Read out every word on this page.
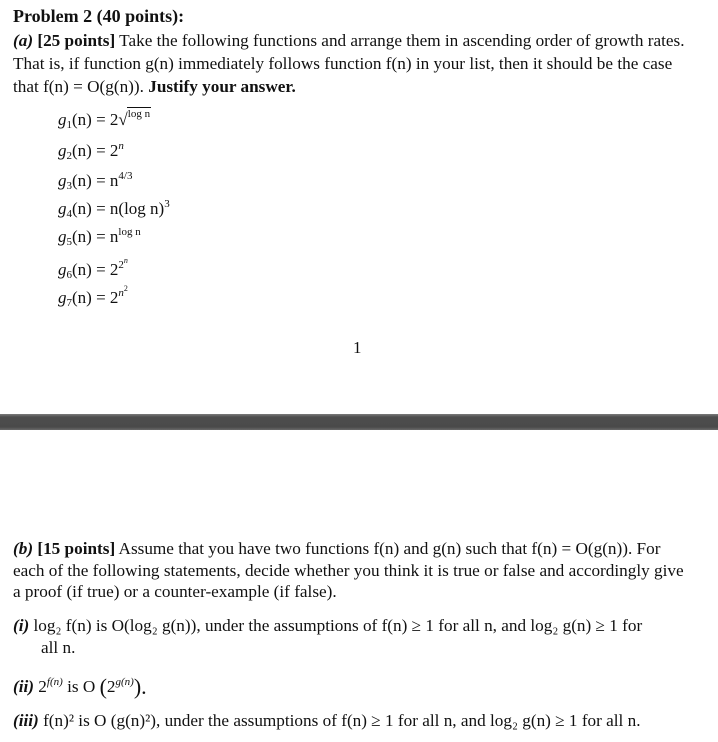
Problem 2 (40 points):
(a) [25 points] Take the following functions and arrange them in ascending order of growth rates.
That is, if function g(n) immediately follows function f(n) in your list, then it should be the case
that f(n) = O(g(n)). Justify your answer.
$g_1(n) = 2√\log$ n
$g_2(n) = 2^n$
$g_3(n) = n^{4/3}$
$g_4(n) = n(\log$ n)$^3$
$g_5(n) = n^{log n}$
$g_6(n) = 2^{2^n}$
$g_7(n) = 2^{n^2}$
1
(b) [15 points] Assume that you have two functions f(n) and g(n) such that f(n) = O(g(n)). For
each of the following statements, decide whether you think it is true or false and accordingly give
a proof (if true) or a counter-example (if false).
(i) log₂ f(n) is O(log₂ g(n)), under the assumptions of f(n) ≥ 1 for all n, and log₂ g(n) ≥ 1 for
all n.
(ii) $2^{f(n)}$ is O $(2^{g(n)})$.
(iii) f(n)² is O (g(n)²), under the assumptions of f(n) ≥ 1 for all n, and log₂ g(n) ≥ 1 for all n.
